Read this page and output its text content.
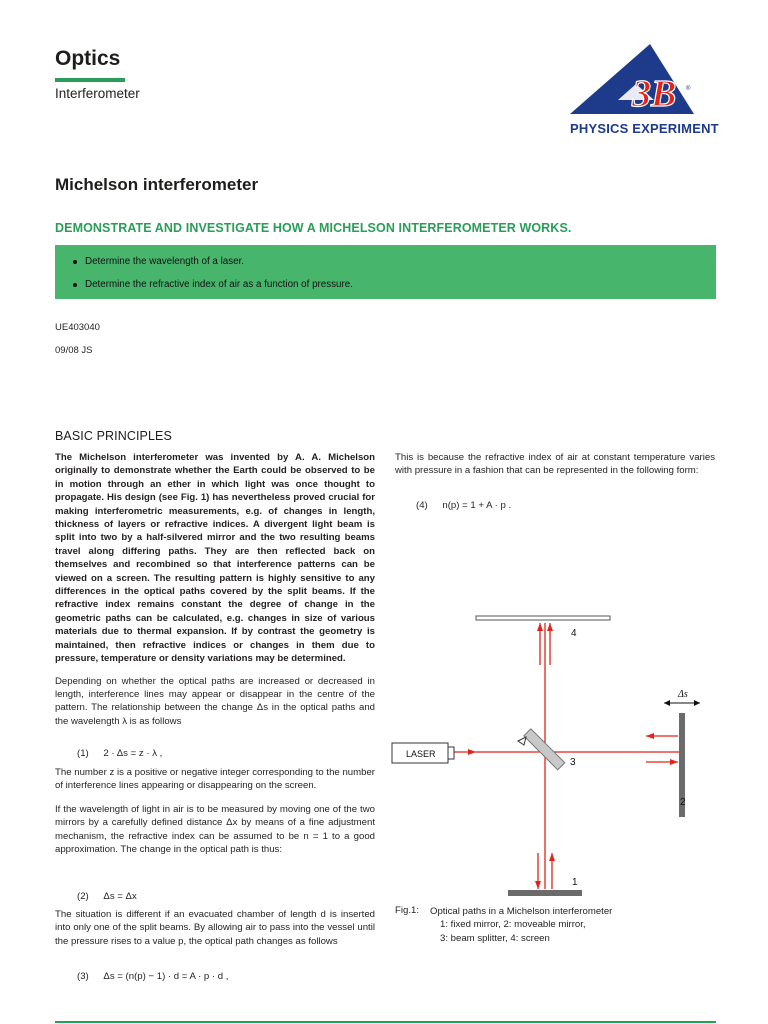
Optics
Interferometer	3B ®
PHYSICS EXPERIMENT
Michelson interferometer
DEMONSTRATE AND INVESTIGATE HOW A MICHELSON INTERFEROMETER WORKS.
Determine the wavelength of a laser.
Determine the refractive index of air as a function of pressure.
UE403040
09/08 JS
BASIC PRINCIPLES

The Michelson interferometer was invented by A. A. Michelson originally to demonstrate whether the Earth could be observed to be in motion through an ether in which light was once thought to propagate. His design (see Fig. 1) has nevertheless proved crucial for making interferometric measurements, e.g. of changes in length, thickness of layers or refractive indices. A divergent light beam is split into two by a half-silvered mirror and the two resulting beams travel along differing paths. They are then reflected back on themselves and recombined so that interference patterns can be viewed on a screen. The resulting pattern is highly sensitive to any differences in the optical paths covered by the split beams. If the refractive index remains constant the degree of change in the geometric paths can be calculated, e.g. changes in size of various materials due to thermal expansion. If by contrast the geometry is maintained, then refractive indices or changes in them due to pressure, temperature or density variations may be determined.

Depending on whether the optical paths are increased or decreased in length, interference lines may appear or disappear in the centre of the pattern. The relationship between the change Δs in the optical paths and the wavelength λ is as follows

(1) 2 · Δs = z · λ ,

The number z is a positive or negative integer corresponding to the number of interference lines appearing or disappearing on the screen.

If the wavelength of light in air is to be measured by moving one of the two mirrors by a carefully defined distance Δx by means of a fine adjustment mechanism, the refractive index can be assumed to be n = 1 to a good approximation. The change in the optical path is thus:

(2) Δs = Δx

The situation is different if an evacuated chamber of length d is inserted into only one of the split beams. By allowing air to pass into the vessel until the pressure rises to a value p, the optical path changes as follows

(3) Δs = (n(p) − 1) · d = A · p · d ,

This is because the refractive index of air at constant temperature varies with pressure in a fashion that can be represented in the following form:

(4) n(p) = 1 + A · p .
LASER
Δs
4
3
2
1
Fig.1: Optical paths in a Michelson interferometer
1: fixed mirror, 2: moveable mirror,
3: beam splitter, 4: screen
